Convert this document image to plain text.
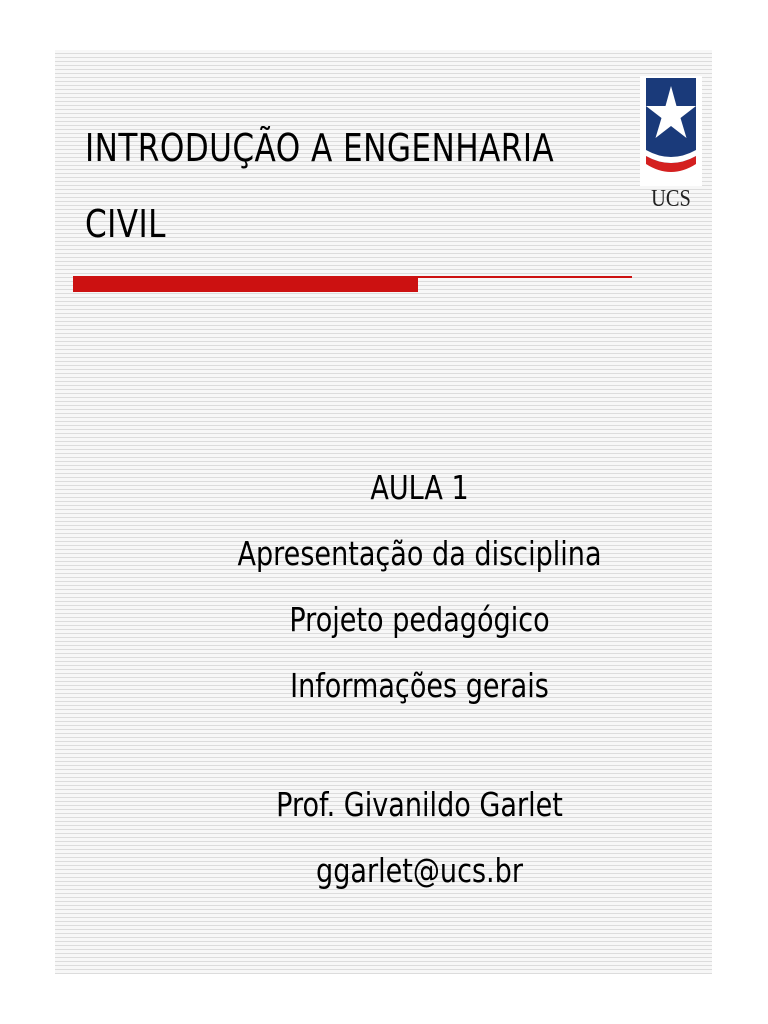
INTRODUÇÃO A ENGENHARIA
CIVIL
UCS
AULA 1
Apresentação da disciplina
Projeto pedagógico
Informações gerais
Prof. Givanildo Garlet
ggarlet@ucs.br
